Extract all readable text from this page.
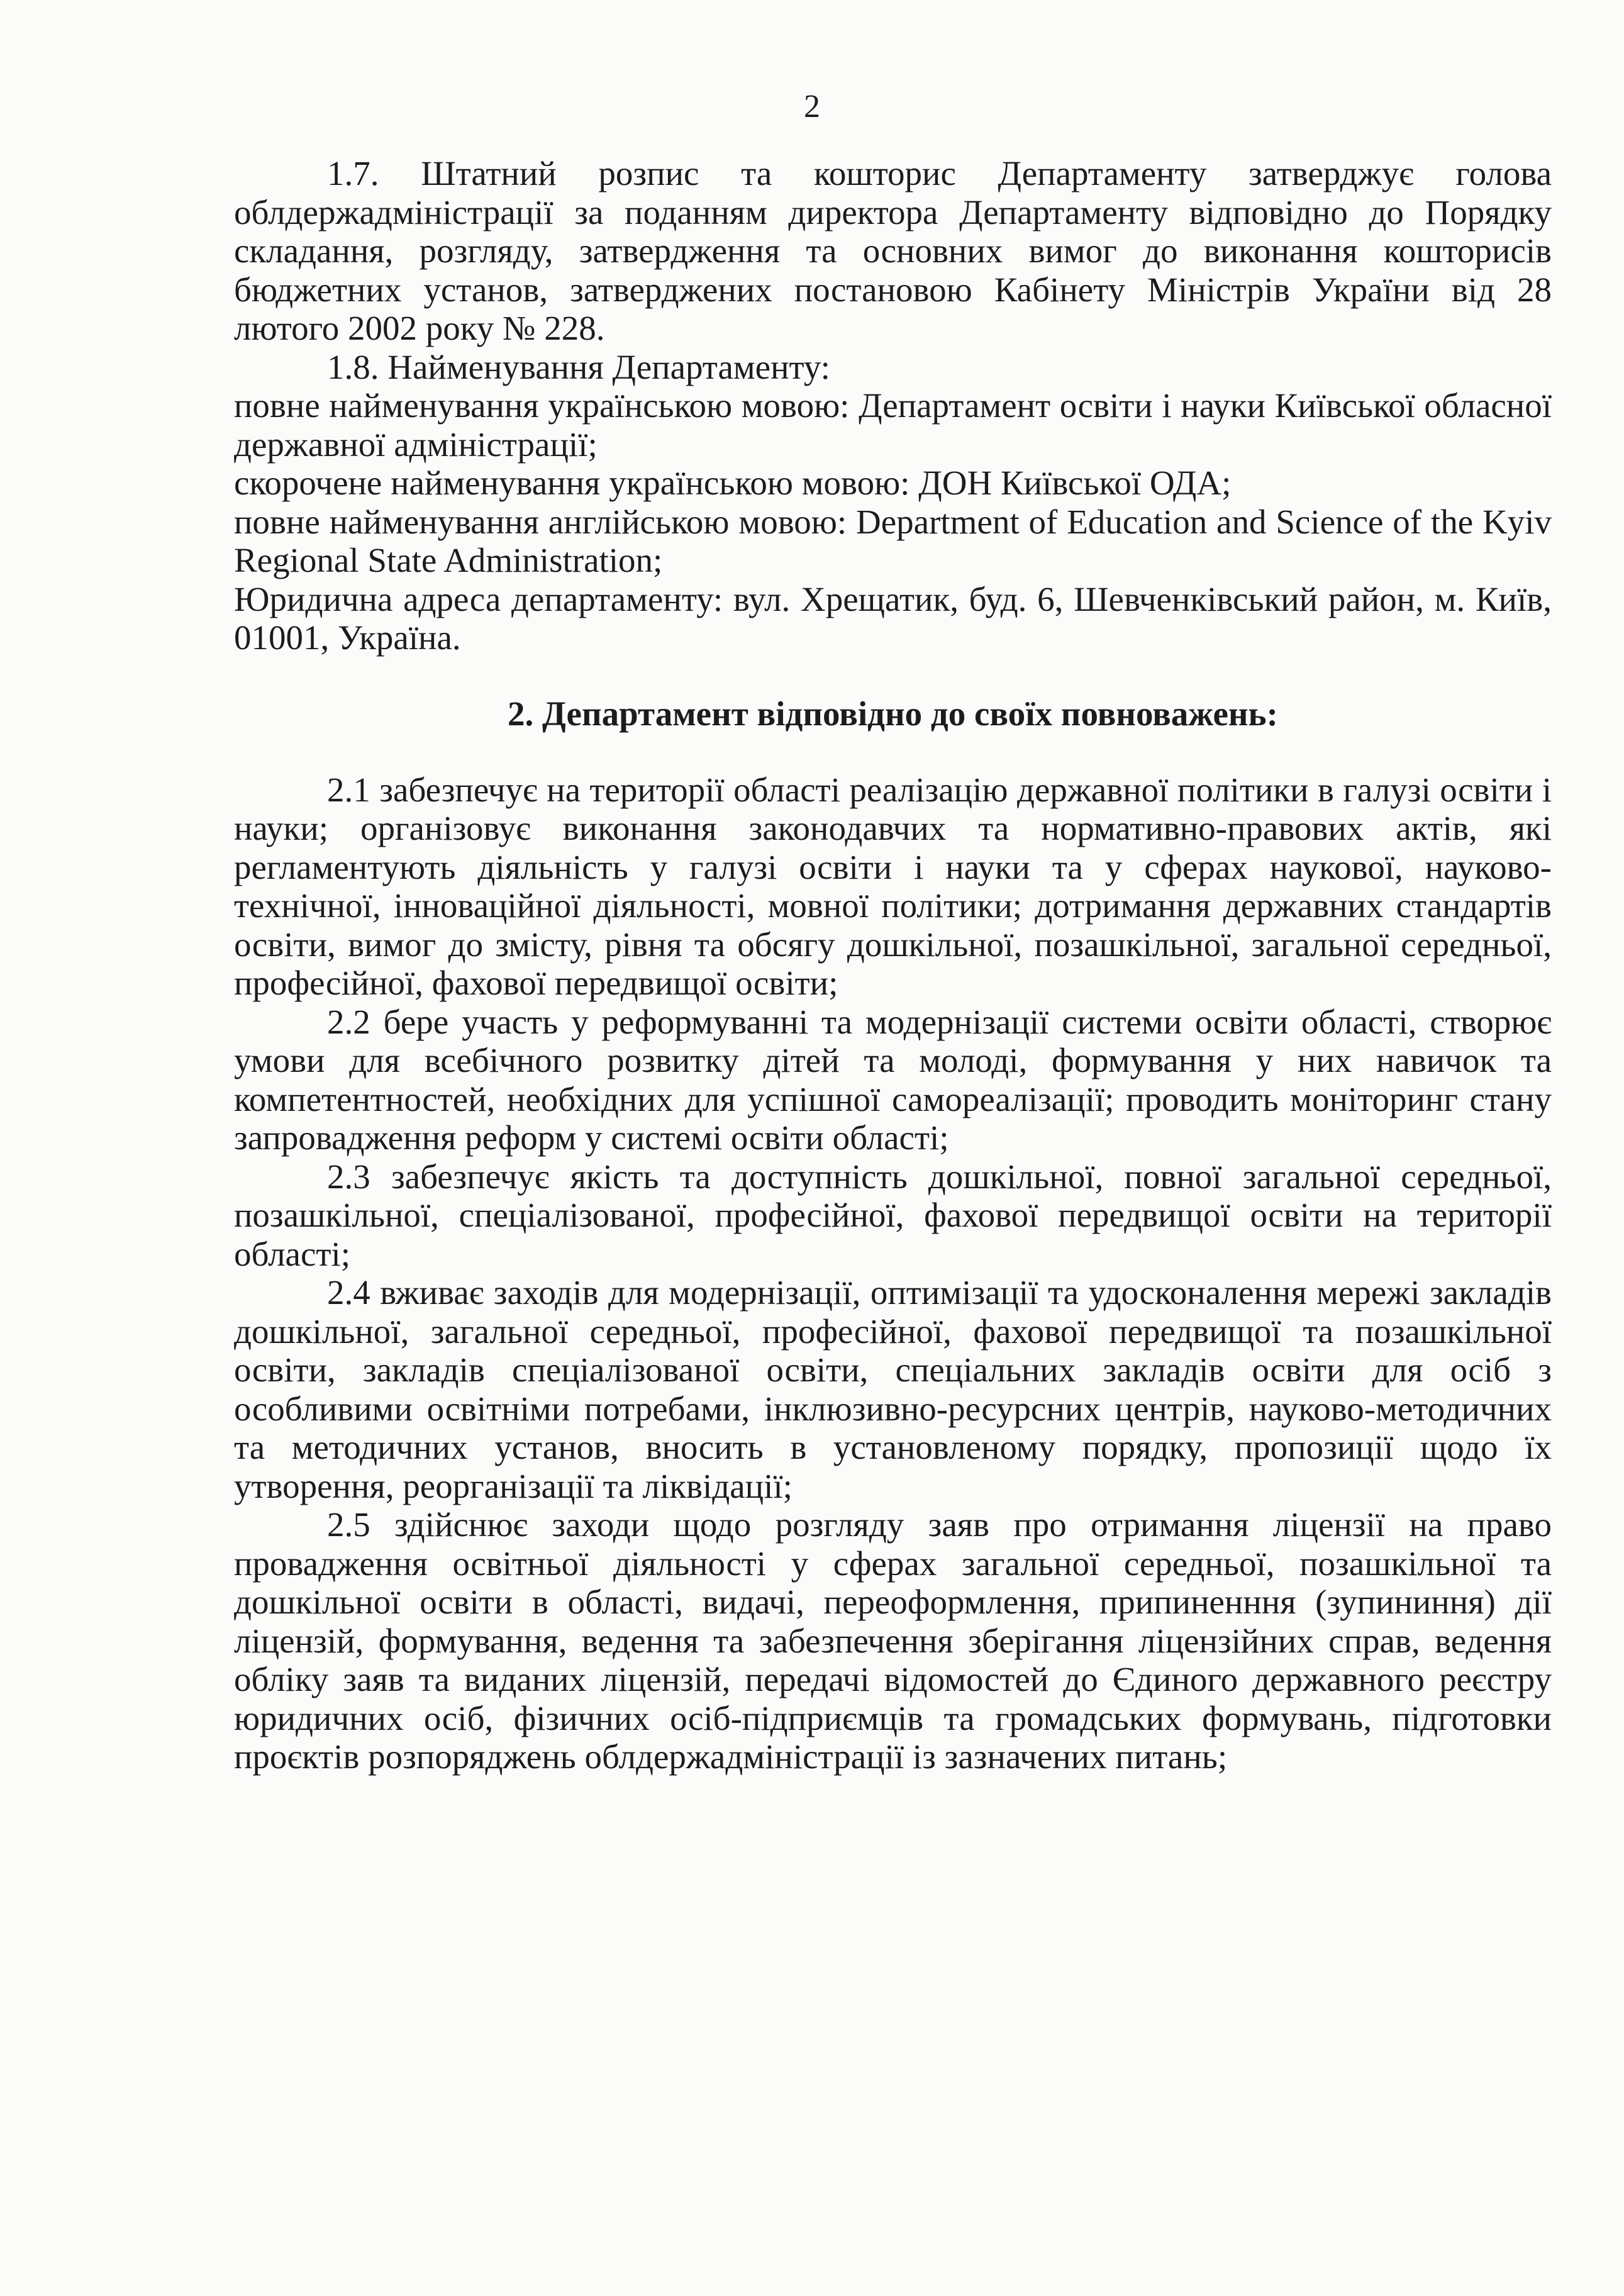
2

1.7. Штатний розпис та кошторис Департаменту затверджує голова облдержадміністрації за поданням директора Департаменту відповідно до Порядку складання, розгляду, затвердження та основних вимог до виконання кошторисів бюджетних установ, затверджених постановою Кабінету Міністрів України від 28 лютого 2002 року № 228.

1.8. Найменування Департаменту:

повне найменування українською мовою: Департамент освіти і науки Київської обласної державної адміністрації;

скорочене найменування українською мовою: ДОН Київської ОДА;

повне найменування англійською мовою: Department of Education and Science of the Kyiv Regional State Administration;

Юридична адреса департаменту: вул. Хрещатик, буд. 6, Шевченківський район, м. Київ, 01001, Україна.

2. Департамент відповідно до своїх повноважень:

2.1 забезпечує на території області реалізацію державної політики в галузі освіти і науки; організовує виконання законодавчих та нормативно-правових актів, які регламентують діяльність у галузі освіти і науки та у сферах наукової, науково-технічної, інноваційної діяльності, мовної політики; дотримання державних стандартів освіти, вимог до змісту, рівня та обсягу дошкільної, позашкільної, загальної середньої, професійної, фахової передвищої освіти;

2.2 бере участь у реформуванні та модернізації системи освіти області, створює умови для всебічного розвитку дітей та молоді, формування у них навичок та компетентностей, необхідних для успішної самореалізації; проводить моніторинг стану запровадження реформ у системі освіти області;

2.3 забезпечує якість та доступність дошкільної, повної загальної середньої, позашкільної, спеціалізованої, професійної, фахової передвищої освіти на території області;

2.4 вживає заходів для модернізації, оптимізації та удосконалення мережі закладів дошкільної, загальної середньої, професійної, фахової передвищої та позашкільної освіти, закладів спеціалізованої освіти, спеціальних закладів освіти для осіб з особливими освітніми потребами, інклюзивно-ресурсних центрів, науково-методичних та методичних установ, вносить в установленому порядку, пропозиції щодо їх утворення, реорганізації та ліквідації;

2.5 здійснює заходи щодо розгляду заяв про отримання ліцензії на право провадження освітньої діяльності у сферах загальної середньої, позашкільної та дошкільної освіти в області, видачі, переоформлення, припиненння (зупининня) дії ліцензій, формування, ведення та забезпечення зберігання ліцензійних справ, ведення обліку заяв та виданих ліцензій, передачі відомостей до Єдиного державного реєстру юридичних осіб, фізичних осіб-підприємців та громадських формувань, підготовки проєктів розпоряджень облдержадміністрації із зазначених питань;
